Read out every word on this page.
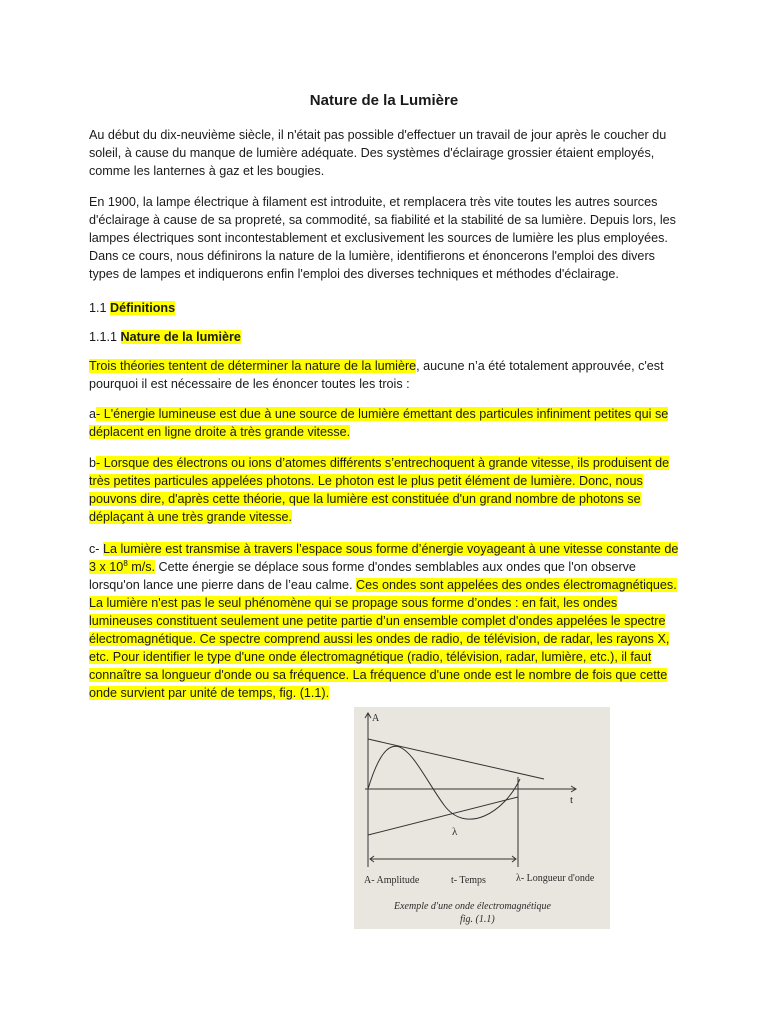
Nature de la Lumière

Au début du dix-neuvième siècle, il n'était pas possible d'effectuer un travail de jour après le coucher du soleil, à cause du manque de lumière adéquate. Des systèmes d'éclairage grossier étaient employés, comme les lanternes à gaz et les bougies.

En 1900, la lampe électrique à filament est introduite, et remplacera très vite toutes les autres sources d'éclairage à cause de sa propreté, sa commodité, sa fiabilité et la stabilité de sa lumière. Depuis lors, les lampes électriques sont incontestablement et exclusivement les sources de lumière les plus employées. Dans ce cours, nous définirons la nature de la lumière, identifierons et énoncerons l'emploi des divers types de lampes et indiquerons enfin l'emploi des diverses techniques et méthodes d'éclairage.

1.1 Définitions
1.1.1 Nature de la lumière

Trois théories tentent de déterminer la nature de la lumière, aucune n’a été totalement approuvée, c'est pourquoi il est nécessaire de les énoncer toutes les trois :

a- L'énergie lumineuse est due à une source de lumière émettant des particules infiniment petites qui se déplacent en ligne droite à très grande vitesse.

b- Lorsque des électrons ou ions d’atomes différents s’entrechoquent à grande vitesse, ils produisent de très petites particules appelées photons. Le photon est le plus petit élément de lumière. Donc, nous pouvons dire, d'après cette théorie, que la lumière est constituée d'un grand nombre de photons se déplaçant à une très grande vitesse.

c- La lumière est transmise à travers l’espace sous forme d’énergie voyageant à une vitesse constante de 3 x $10^8$ m/s. Cette énergie se déplace sous forme d'ondes semblables aux ondes que l'on observe lorsqu'on lance une pierre dans de l’eau calme. Ces ondes sont appelées des ondes électromagnétiques. La lumière n'est pas le seul phénomène qui se propage sous forme d’ondes : en fait, les ondes lumineuses constituent seulement une petite partie d’un ensemble complet d'ondes appelées le spectre électromagnétique. Ce spectre comprend aussi les ondes de radio, de télévision, de radar, les rayons X, etc. Pour identifier le type d'une onde électromagnétique (radio, télévision, radar, lumière, etc.), il faut connaître sa longueur d'onde ou sa fréquence. La fréquence d'une onde est le nombre de fois que cette onde survient par unité de temps, fig. (1.1).

A
t
λ
A- Amplitude	t- Temps	λ- Longueur d'onde
Exemple d'une onde électromagnétique
fig. (1.1)
